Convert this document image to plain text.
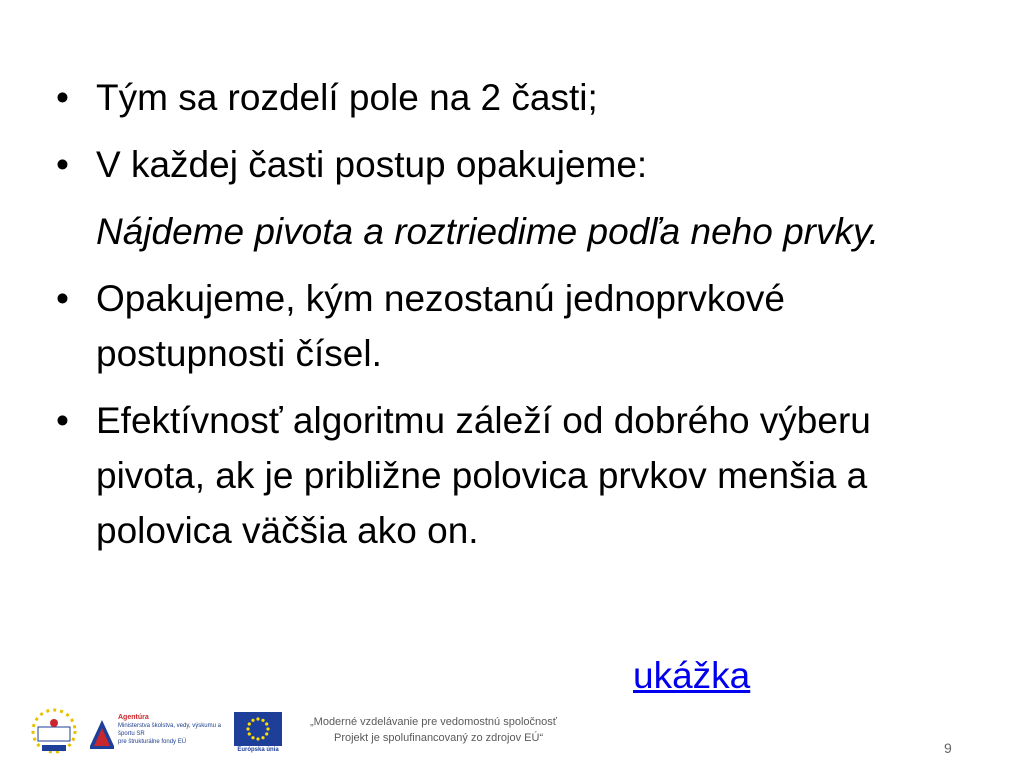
• Tým sa rozdelí pole na 2 časti;
• V každej časti postup opakujeme:
Nájdeme pivota a roztriedime podľa neho prvky.
• Opakujeme, kým nezostanú jednoprvkové postupnosti čísel.
• Efektívnosť algoritmu záleží od dobrého výberu pivota, ak je približne polovica prvkov menšia a polovica väčšia ako on.
ukážka
Agentúra
Ministerstva školstva, vedy, výskumu a športu SR
pre štrukturálne fondy EÚ
Európska únia
„Moderné vzdelávanie pre vedomostnú spoločnosť
Projekt je spolufinancovaný zo zdrojov EÚ“
9
